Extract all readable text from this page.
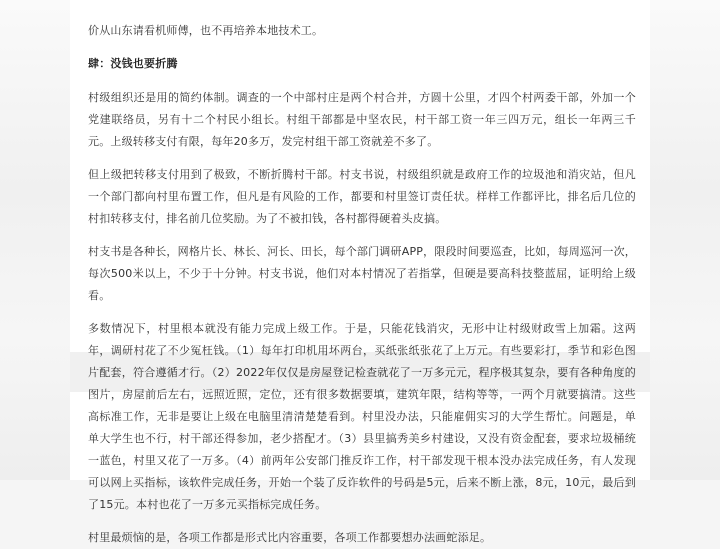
价从山东请看机师傅，也不再培养本地技术工。

肆：没钱也要折腾

村级组织还是用的简约体制。调查的一个中部村庄是两个村合并，方圆十公里，才四个村两委干部，外加一个党建联络员，另有十二个村民小组长。村组干部都是中坚农民，村干部工资一年三四万元，组长一年两三千元。上级转移支付有限，每年20多万，发完村组干部工资就差不多了。

但上级把转移支付用到了极致，不断折腾村干部。村支书说，村级组织就是政府工作的垃圾池和消灾站，但凡一个部门都向村里布置工作，但凡是有风险的工作，都要和村里签订责任状。样样工作都评比，排名后几位的村扣转移支付，排名前几位奖励。为了不被扣钱，各村都得硬着头皮搞。

村支书是各种长，网格片长、林长、河长、田长，每个部门调研APP，限段时间要巡查，比如，每周巡河一次，每次500米以上，不少于十分钟。村支书说，他们对本村情况了若指掌，但硬是要高科技整蓝屈，证明给上级看。

多数情况下，村里根本就没有能力完成上级工作。于是，只能花钱消灾，无形中让村级财政雪上加霜。这两年，调研村花了不少冤枉钱。（1）每年打印机用坏两台，买纸张纸张花了上万元。有些要彩打，季节和彩色图片配套，符合遵循才行。（2）2022年仅仅是房屋登记检查就花了一万多元元，程序极其复杂，要有各种角度的图片，房屋前后左右，远照近照，定位，还有很多数据要填，建筑年限，结构等等，一两个月就要搞清。这些高标准工作，无非是要让上级在电脑里清清楚楚看到。村里没办法，只能雇佣实习的大学生帮忙。问题是，单单大学生也不行，村干部还得参加，老少搭配才。（3）县里搞秀美乡村建设，又没有资金配套，要求垃圾桶统一蓝色，村里又花了一万多。（4）前两年公安部门推反诈工作，村干部发现干根本没办法完成任务，有人发现可以网上买指标，该软件完成任务，开始一个装了反诈软件的号码是5元，后来不断上涨，8元，10元，最后到了15元。本村也花了一万多元买指标完成任务。

村里最烦恼的是，各项工作都是形式比内容重要，各项工作都要想办法画蛇添足。
